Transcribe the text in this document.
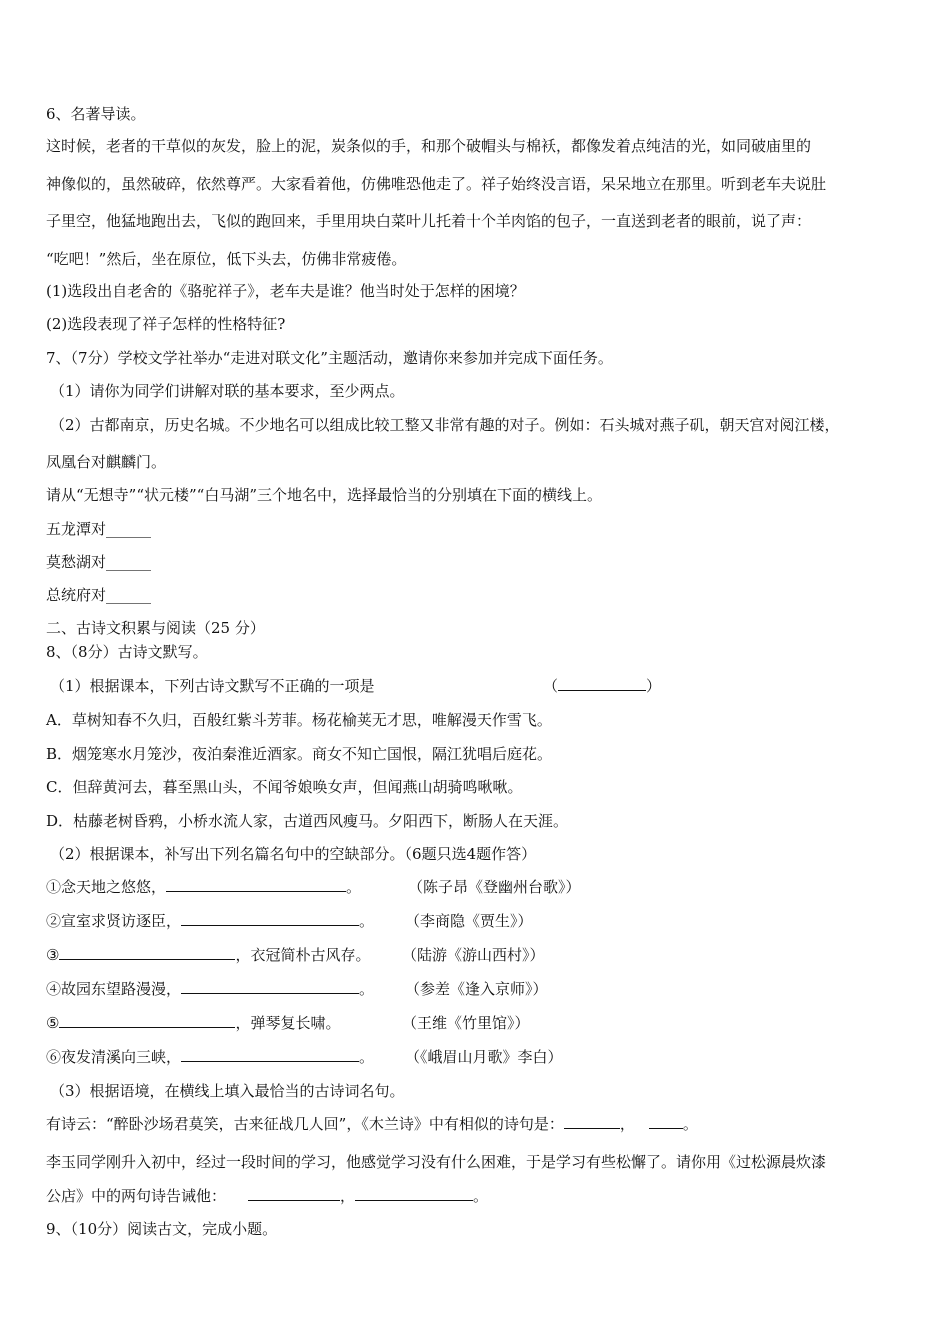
6、名著导读。
这时候，老者的干草似的灰发，脸上的泥，炭条似的手，和那个破帽头与棉袄，都像发着点纯洁的光，如同破庙里的
神像似的，虽然破碎，依然尊严。大家看着他，仿佛唯恐他走了。祥子始终没言语，呆呆地立在那里。听到老车夫说肚
子里空，他猛地跑出去，飞似的跑回来，手里用块白菜叶儿托着十个羊肉馅的包子，一直送到老者的眼前，说了声：
“吃吧！”然后，坐在原位，低下头去，仿佛非常疲倦。
(1)选段出自老舍的《骆驼祥子》，老车夫是谁？他当时处于怎样的困境？
(2)选段表现了祥子怎样的性格特征?
7、（7分）学校文学社举办“走进对联文化”主题活动，邀请你来参加并完成下面任务。
（1）请你为同学们讲解对联的基本要求，至少两点。
（2）古都南京，历史名城。不少地名可以组成比较工整又非常有趣的对子。例如：石头城对燕子矶，朝天宫对阅江楼，
凤凰台对麒麟门。
请从“无想寺”“状元楼”“白马湖”三个地名中，选择最恰当的分别填在下面的横线上。
五龙潭对______
莫愁湖对______
总统府对______
二、古诗文积累与阅读（25 分）
8、（8分）古诗文默写。
（1）根据课本，下列古诗文默写不正确的一项是	（	）
A．草树知春不久归，百般红紫斗芳菲。杨花榆荚无才思，唯解漫天作雪飞。
B．烟笼寒水月笼沙，夜泊秦淮近酒家。商女不知亡国恨，隔江犹唱后庭花。
C．但辞黄河去，暮至黑山头，不闻爷娘唤女声，但闻燕山胡骑鸣啾啾。
D．枯藤老树昏鸦，小桥水流人家，古道西风瘦马。夕阳西下，断肠人在天涯。
（2）根据课本，补写出下列名篇名句中的空缺部分。（6题只选4题作答）
①念天地之悠悠，	。	（陈子昂《登幽州台歌》）
②宣室求贤访逐臣，	。 （李商隐《贾生》）
③	，衣冠简朴古风存。 （陆游《游山西村》）
④故园东望路漫漫，	。 （参差《逢入京师》）
⑤	，弹琴复长啸。	（王维《竹里馆》）
⑥夜发清溪向三峡，	。 （《峨眉山月歌》李白）
（3）根据语境，在横线上填入最恰当的古诗词名句。
有诗云：“醉卧沙场君莫笑，古来征战几人回”，《木兰诗》中有相似的诗句是：	，	。
李玉同学刚升入初中，经过一段时间的学习，他感觉学习没有什么困难，于是学习有些松懈了。请你用《过松源晨炊漆
公店》中的两句诗告诫他：	，	。
9、（10分）阅读古文，完成小题。
